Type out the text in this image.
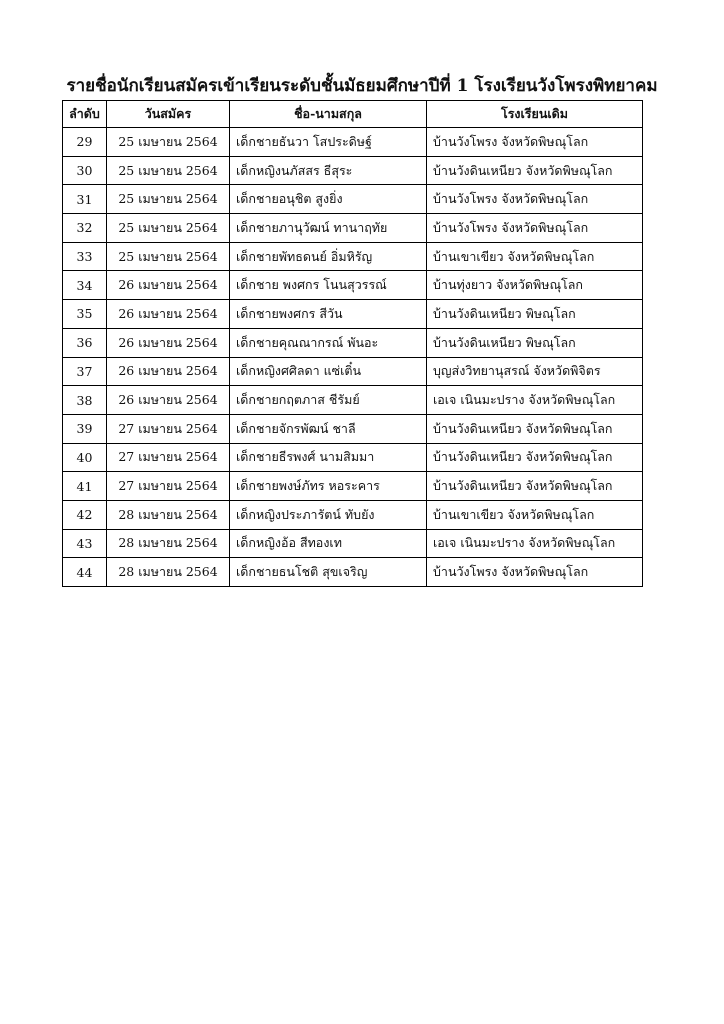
รายชื่อนักเรียนสมัครเข้าเรียนระดับชั้นมัธยมศึกษาปีที่ 1 โรงเรียนวังโพรงพิทยาคม
ลำดับ	วันสมัคร	ชื่อ-นามสกุล	โรงเรียนเดิม
29	25 เมษายน 2564	เด็กชายธันวา โสประดิษฐ์	บ้านวังโพรง จังหวัดพิษณุโลก
30	25 เมษายน 2564	เด็กหญิงนภัสสร ธีสุระ	บ้านวังดินเหนียว จังหวัดพิษณุโลก
31	25 เมษายน 2564	เด็กชายอนุชิต สูงยิ่ง	บ้านวังโพรง จังหวัดพิษณุโลก
32	25 เมษายน 2564	เด็กชายภานุวัฒน์ ทานาฤทัย	บ้านวังโพรง จังหวัดพิษณุโลก
33	25 เมษายน 2564	เด็กชายพัทธดนย์ อิ่มหิรัญ	บ้านเขาเขียว จังหวัดพิษณุโลก
34	26 เมษายน 2564	เด็กชาย พงศกร โนนสุวรรณ์	บ้านทุ่งยาว จังหวัดพิษณุโลก
35	26 เมษายน 2564	เด็กชายพงศกร สีวัน	บ้านวังดินเหนียว พิษณุโลก
36	26 เมษายน 2564	เด็กชายคุณณากรณ์ พันอะ	บ้านวังดินเหนียว พิษณุโลก
37	26 เมษายน 2564	เด็กหญิงศศิลดา แซ่เติ๋น	บุญส่งวิทยานุสรณ์ จังหวัดพิจิตร
38	26 เมษายน 2564	เด็กชายกฤตภาส ชีรัมย์	เอเจ เนินมะปราง จังหวัดพิษณุโลก
39	27 เมษายน 2564	เด็กชายจักรพัฒน์ ชาลี	บ้านวังดินเหนียว จังหวัดพิษณุโลก
40	27 เมษายน 2564	เด็กชายธีรพงศ์ นามสิมมา	บ้านวังดินเหนียว จังหวัดพิษณุโลก
41	27 เมษายน 2564	เด็กชายพงษ์ภัทร หอระคาร	บ้านวังดินเหนียว จังหวัดพิษณุโลก
42	28 เมษายน 2564	เด็กหญิงประภารัตน์ ทับยัง	บ้านเขาเขียว จังหวัดพิษณุโลก
43	28 เมษายน 2564	เด็กหญิงอ้อ สีทองเท	เอเจ เนินมะปราง จังหวัดพิษณุโลก
44	28 เมษายน 2564	เด็กชายธนโชติ สุขเจริญ	บ้านวังโพรง จังหวัดพิษณุโลก
